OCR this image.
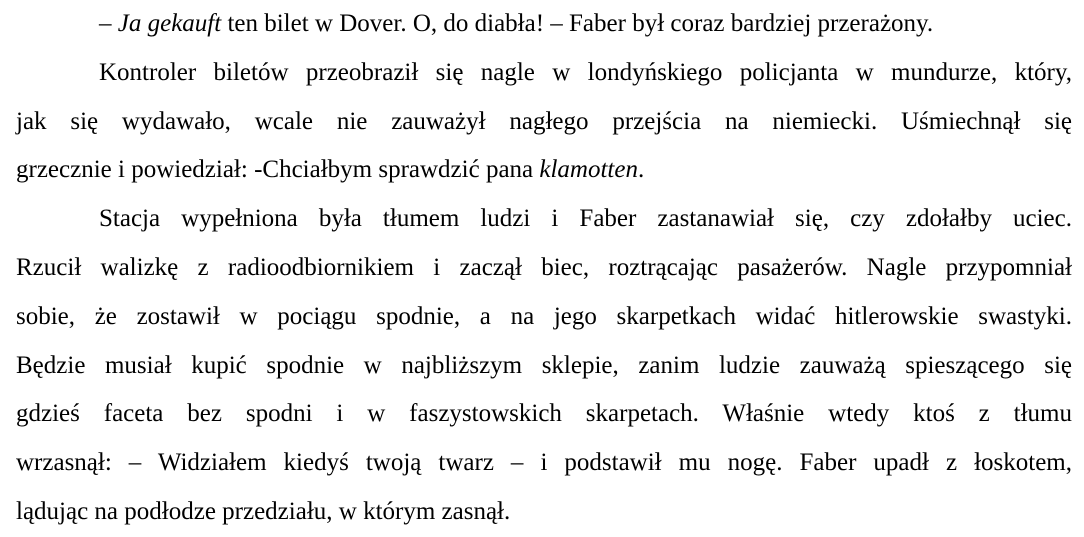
– Ja gekauft ten bilet w Dover. O, do diabła! – Faber był coraz bardziej przerażony.
Kontroler biletów przeobraził się nagle w londyńskiego policjanta w mundurze, który,
jak się wydawało, wcale nie zauważył nagłego przejścia na niemiecki. Uśmiechnął się
grzecznie i powiedział: -Chciałbym sprawdzić pana klamotten.
Stacja wypełniona była tłumem ludzi i Faber zastanawiał się, czy zdołałby uciec.
Rzucił walizkę z radioodbiornikiem i zaczął biec, roztrącając pasażerów. Nagle przypomniał
sobie, że zostawił w pociągu spodnie, a na jego skarpetkach widać hitlerowskie swastyki.
Będzie musiał kupić spodnie w najbliższym sklepie, zanim ludzie zauważą spieszącego się
gdzieś faceta bez spodni i w faszystowskich skarpetach. Właśnie wtedy ktoś z tłumu
wrzasnął: – Widziałem kiedyś twoją twarz – i podstawił mu nogę. Faber upadł z łoskotem,
lądując na podłodze przedziału, w którym zasnął.
